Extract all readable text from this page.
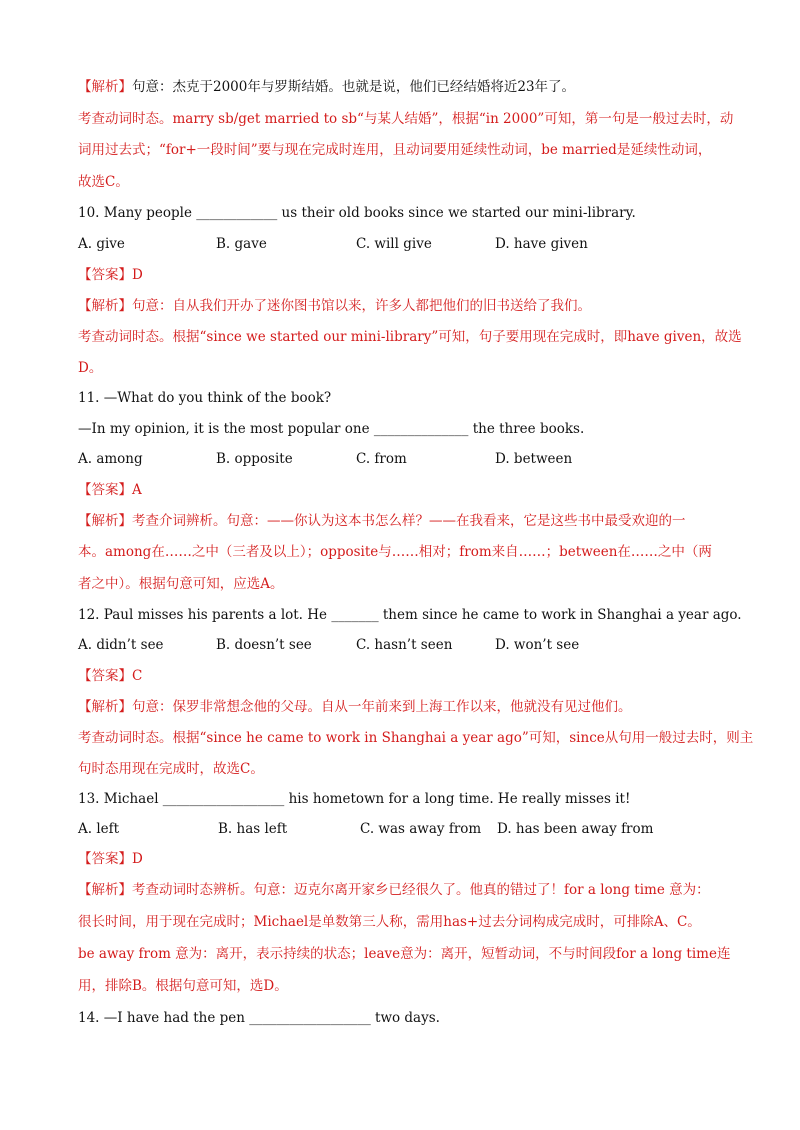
【解析】句意：杰克于2000年与罗斯结婚。也就是说，他们已经结婚将近23年了。
考查动词时态。marry sb/get married to sb“与某人结婚”，根据“in 2000”可知，第一句是一般过去时，动
词用过去式；“for+一段时间”要与现在完成时连用，且动词要用延续性动词，be married是延续性动词，
故选C。
10. Many people ____________ us their old books since we started our mini-library.
A. give	B. gave	C. will give	D. have given
【答案】D
【解析】句意：自从我们开办了迷你图书馆以来，许多人都把他们的旧书送给了我们。
考查动词时态。根据“since we started our mini-library”可知，句子要用现在完成时，即have given，故选
D。
11. —What do you think of the book?
—In my opinion, it is the most popular one ______________ the three books.
A. among	B. opposite	C. from	D. between
【答案】A
【解析】考查介词辨析。句意：——你认为这本书怎么样？——在我看来，它是这些书中最受欢迎的一
本。among在……之中（三者及以上）；opposite与……相对；from来自……；between在……之中（两
者之中）。根据句意可知，应选A。
12. Paul misses his parents a lot. He _______ them since he came to work in Shanghai a year ago.
A. didn’t see	B. doesn’t see	C. hasn’t seen	D. won’t see
【答案】C
【解析】句意：保罗非常想念他的父母。自从一年前来到上海工作以来，他就没有见过他们。
考查动词时态。根据“since he came to work in Shanghai a year ago”可知，since从句用一般过去时，则主
句时态用现在完成时，故选C。
13. Michael __________________ his hometown for a long time. He really misses it!
A. left	B. has left	C. was away from D. has been away from
【答案】D
【解析】考查动词时态辨析。句意：迈克尔离开家乡已经很久了。他真的错过了！for a long time 意为：
很长时间，用于现在完成时；Michael是单数第三人称，需用has+过去分词构成完成时，可排除A、C。
be away from 意为：离开，表示持续的状态；leave意为：离开，短暂动词，不与时间段for a long time连
用，排除B。根据句意可知，选D。
14. —I have had the pen __________________ two days.
